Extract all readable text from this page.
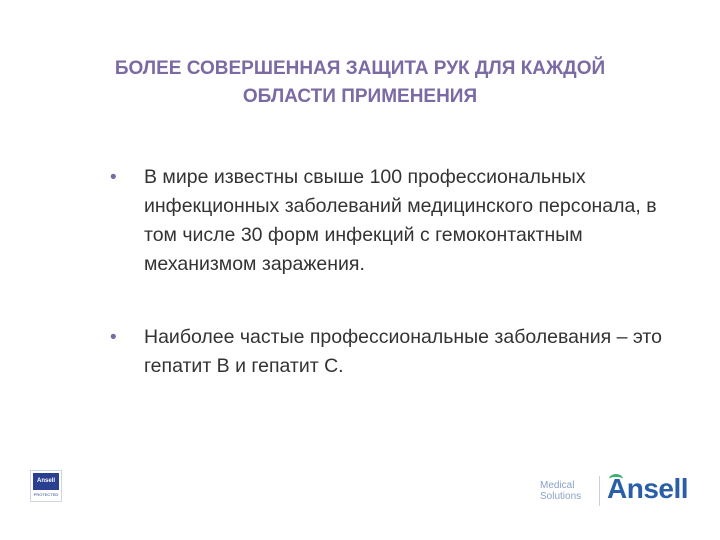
БОЛЕЕ СОВЕРШЕННАЯ ЗАЩИТА РУК ДЛЯ КАЖДОЙ
ОБЛАСТИ ПРИМЕНЕНИЯ
• В мире известны свыше 100 профессиональных инфекционных заболеваний медицинского персонала, в том числе 30 форм инфекций с гемоконтактным механизмом заражения.
• Наиболее частые профессиональные заболевания – это гепатит В и гепатит С.
Ansell
PROTECTED
Medical
Solutions Ansell
